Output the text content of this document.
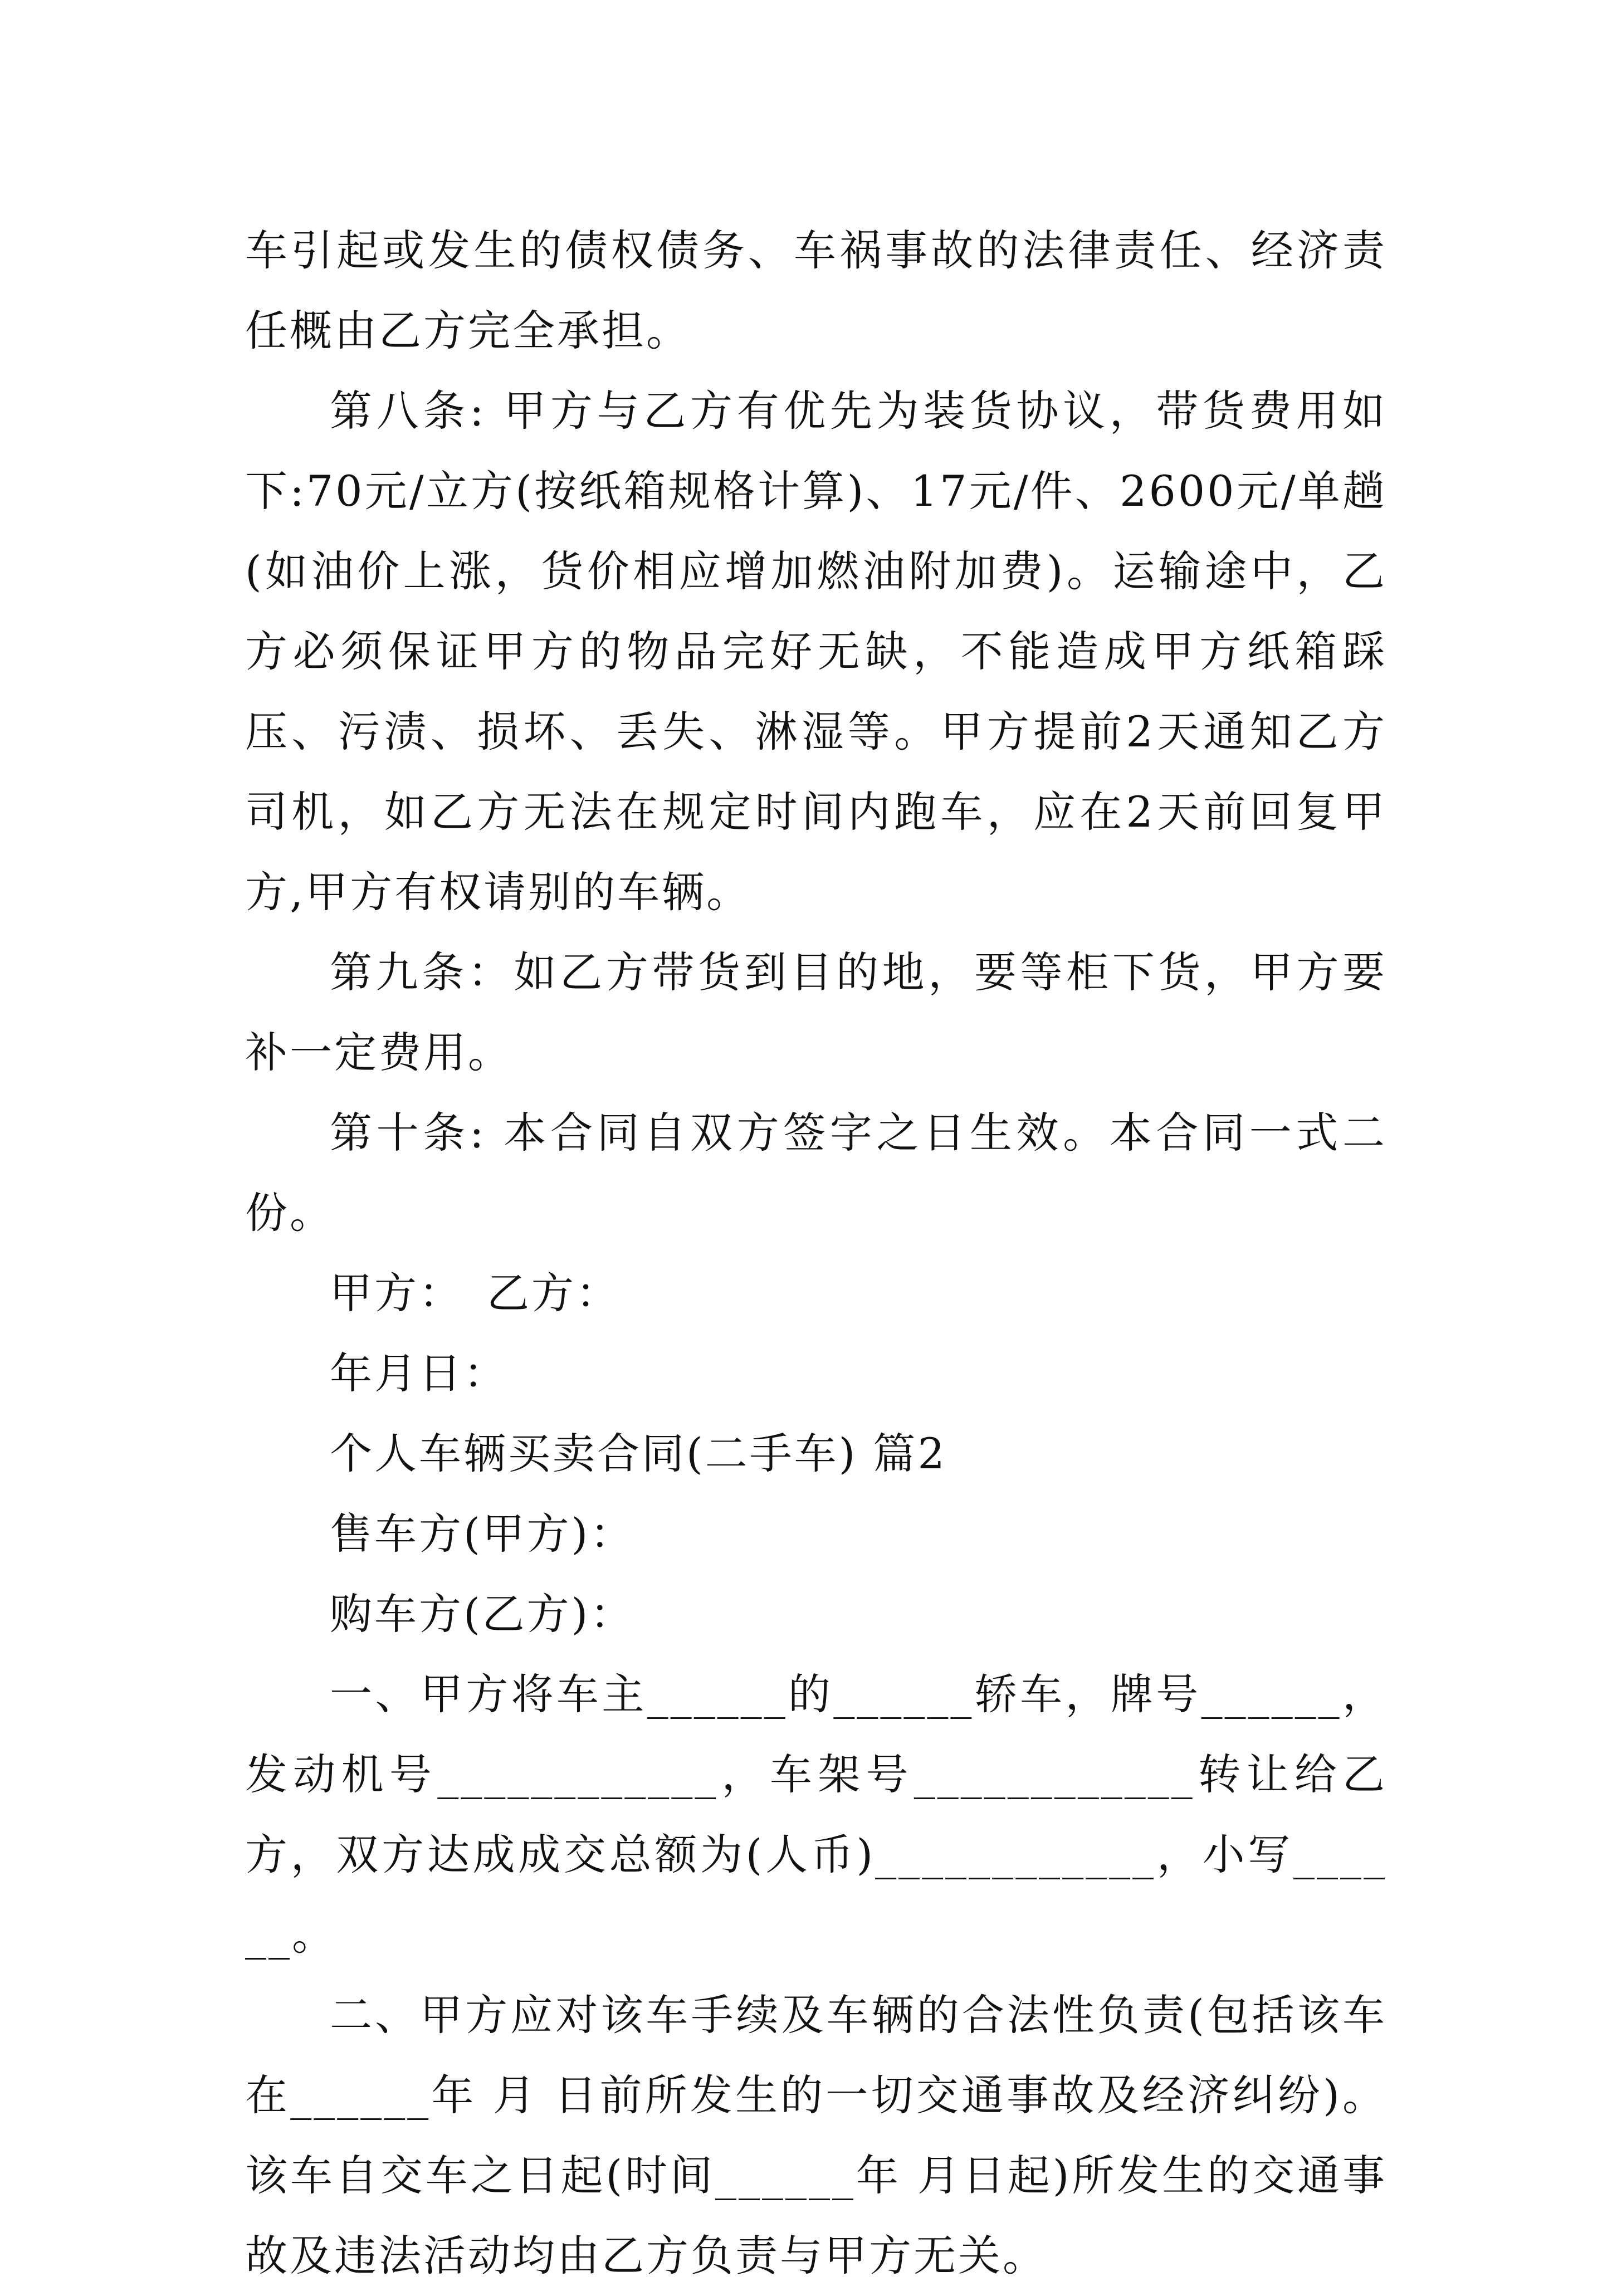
车引起或发生的债权债务、车祸事故的法律责任、经济责任概由乙方完全承担。

第八条: 甲方与乙方有优先为装货协议，带货费用如下:70元/立方(按纸箱规格计算)、17元/件、2600元/单趟(如油价上涨，货价相应增加燃油附加费)。运输途中，乙方必须保证甲方的物品完好无缺，不能造成甲方纸箱踩压、污渍、损坏、丢失、淋湿等。甲方提前2天通知乙方司机，如乙方无法在规定时间内跑车，应在2天前回复甲方,甲方有权请别的车辆。

第九条：如乙方带货到目的地，要等柜下货，甲方要补一定费用。

第十条: 本合同自双方签字之日生效。本合同一式二份。

甲方：　乙方：

年月日：

个人车辆买卖合同(二手车) 篇2

售车方(甲方)：

购车方(乙方)：

一、甲方将车主______的______轿车，牌号______，发动机号____________，车架号____________转让给乙方，双方达成成交总额为(人币)____________，小写______。

二、甲方应对该车手续及车辆的合法性负责(包括该车在______年 月 日前所发生的一切交通事故及经济纠纷)。该车自交车之日起(时间______年 月日起)所发生的交通事故及违法活动均由乙方负责与甲方无关。
